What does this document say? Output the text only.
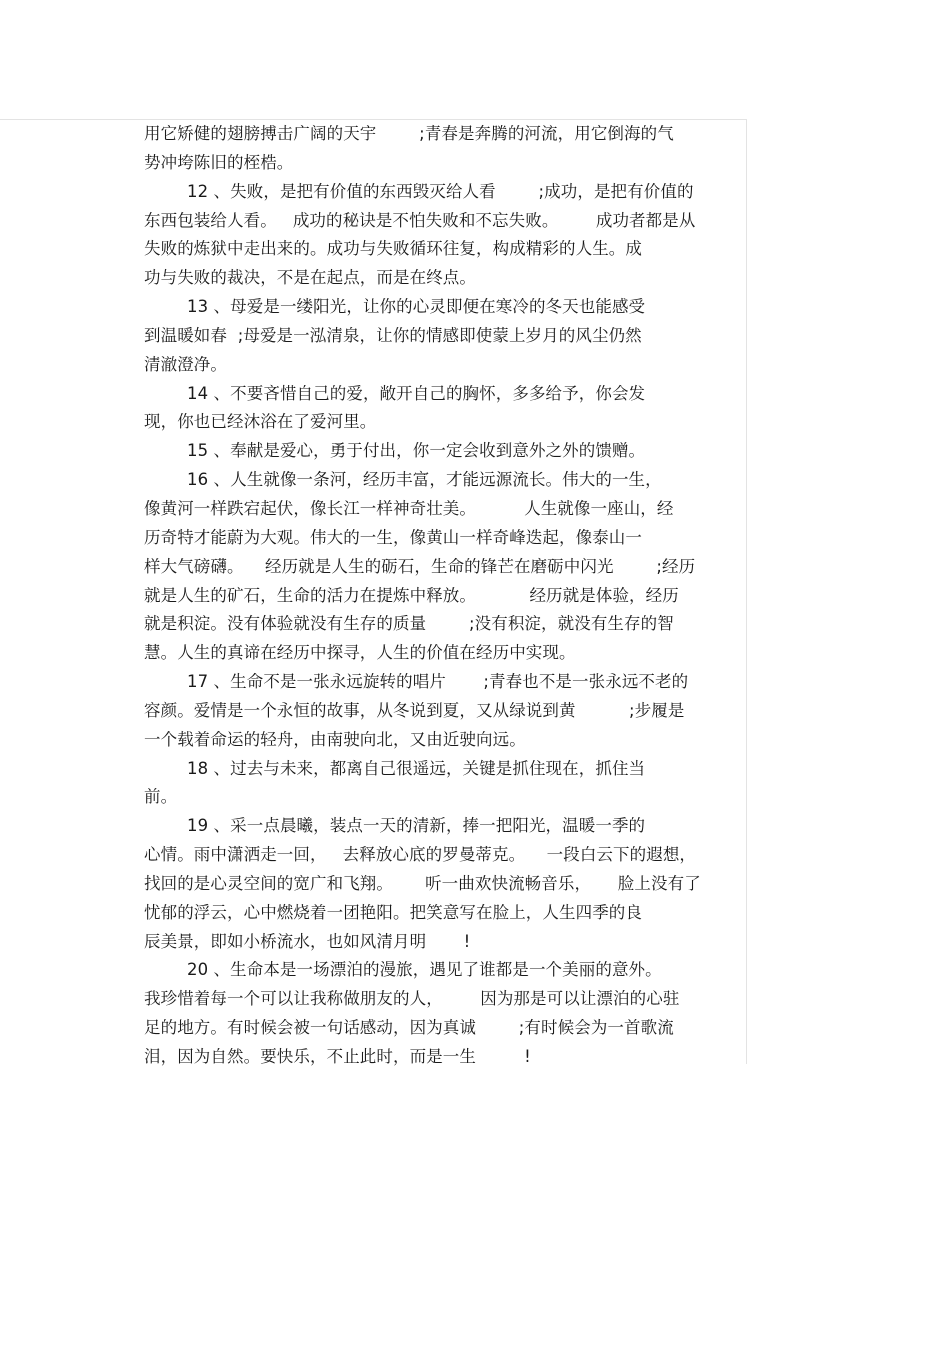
用它矫健的翅膀搏击广阔的天宇        ;青春是奔腾的河流，用它倒海的气
势冲垮陈旧的桎梏。
12 、失败，是把有价值的东西毁灭给人看        ;成功，是把有价值的
东西包装给人看。   成功的秘诀是不怕失败和不忘失败。       成功者都是从
失败的炼狱中走出来的。成功与失败循环往复，构成精彩的人生。成
功与失败的裁决，不是在起点，而是在终点。
13 、母爱是一缕阳光，让你的心灵即便在寒冷的冬天也能感受
到温暖如春  ;母爱是一泓清泉，让你的情感即使蒙上岁月的风尘仍然
清澈澄净。
14 、不要吝惜自己的爱，敞开自己的胸怀，多多给予，你会发
现，你也已经沐浴在了爱河里。
15 、奉献是爱心，勇于付出，你一定会收到意外之外的馈赠。
16 、人生就像一条河，经历丰富，才能远源流长。伟大的一生，
像黄河一样跌宕起伏，像长江一样神奇壮美。         人生就像一座山，经
历奇特才能蔚为大观。伟大的一生，像黄山一样奇峰迭起，像泰山一
样大气磅礴。    经历就是人生的砺石，生命的锋芒在磨砺中闪光        ;经历
就是人生的矿石，生命的活力在提炼中释放。          经历就是体验，经历
就是积淀。没有体验就没有生存的质量        ;没有积淀，就没有生存的智
慧。人生的真谛在经历中探寻，人生的价值在经历中实现。
17 、生命不是一张永远旋转的唱片       ;青春也不是一张永远不老的
容颜。爱情是一个永恒的故事，从冬说到夏，又从绿说到黄          ;步履是
一个载着命运的轻舟，由南驶向北，又由近驶向远。
18 、过去与未来，都离自己很遥远，关键是抓住现在，抓住当
前。
19 、采一点晨曦，装点一天的清新，捧一把阳光，温暖一季的
心情。雨中潇洒走一回，   去释放心底的罗曼蒂克。    一段白云下的遐想，
找回的是心灵空间的宽广和飞翔。      听一曲欢快流畅音乐，     脸上没有了
忧郁的浮云，心中燃烧着一团艳阳。把笑意写在脸上，人生四季的良
辰美景，即如小桥流水，也如风清月明       !
20 、生命本是一场漂泊的漫旅，遇见了谁都是一个美丽的意外。
我珍惜着每一个可以让我称做朋友的人，       因为那是可以让漂泊的心驻
足的地方。有时候会被一句话感动，因为真诚        ;有时候会为一首歌流
泪，因为自然。要快乐，不止此时，而是一生         !
